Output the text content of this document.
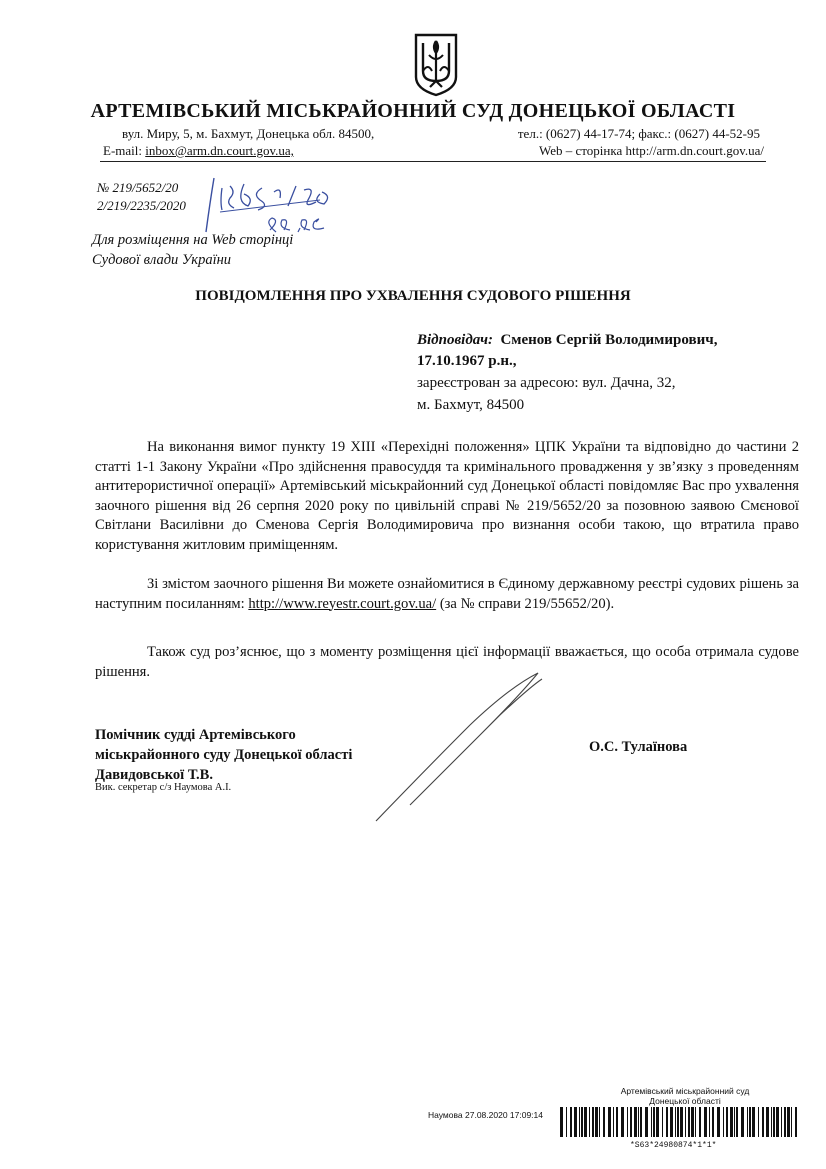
АРТЕМІВСЬКИЙ МІСЬКРАЙОННИЙ СУД ДОНЕЦЬКОЇ ОБЛАСТІ
вул. Миру, 5, м. Бахмут, Донецька обл. 84500,	тел.: (0627) 44-17-74; факс.: (0627) 44-52-95
E-mail: inbox@arm.dn.court.gov.ua,	Web – сторінка http://arm.dn.court.gov.ua/
№ 219/5652/20
2/219/2235/2020
Для розміщення на Web сторінці
Судової влади України
ПОВІДОМЛЕННЯ ПРО УХВАЛЕННЯ СУДОВОГО РІШЕННЯ
Відповідач: Сменов Сергій Володимирович,
17.10.1967 р.н.,
зареєстрован за адресою: вул. Дачна, 32,
м. Бахмут, 84500
На виконання вимог пункту 19 ХІІІ «Перехідні положення» ЦПК України та відповідно до частини 2 статті 1-1 Закону України «Про здійснення правосуддя та кримінального провадження у зв’язку з проведенням антитерористичної операції» Артемівський міськрайонний суд Донецької області повідомляє Вас про ухвалення заочного рішення від 26 серпня 2020 року по цивільній справі № 219/5652/20 за позовною заявою Смєнової Світлани Василівни до Сменова Сергія Володимировича про визнання особи такою, що втратила право користування житловим приміщенням.
Зі змістом заочного рішення Ви можете ознайомитися в Єдиному державному реєстрі судових рішень за наступним посиланням: http://www.reyestr.court.gov.ua/ (за № справи 219/55652/20).
Також суд роз’яснює, що з моменту розміщення цієї інформації вважається, що особа отримала судове рішення.
Помічник судді Артемівського
міськрайонного суду Донецької області
Давидовської Т.В.
Вик. секретар с/з Наумова А.І.
О.С. Тулаїнова
Артемівський міськрайонний суд
Донецької області
Наумова 27.08.2020 17:09:14
*S63*24980874*1*1*
